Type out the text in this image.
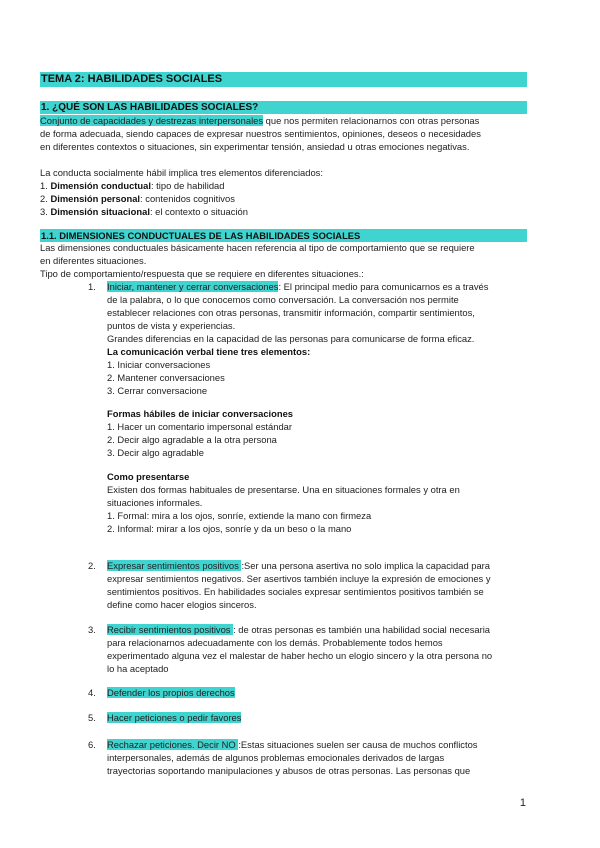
TEMA 2: HABILIDADES SOCIALES
1. ¿QUÉ SON LAS HABILIDADES SOCIALES?
Conjunto de capacidades y destrezas interpersonales que nos permiten relacionarnos con otras personas
de forma adecuada, siendo capaces de expresar nuestros sentimientos, opiniones, deseos o necesidades
en diferentes contextos o situaciones, sin experimentar tensión, ansiedad u otras emociones negativas.
La conducta socialmente hábil implica tres elementos diferenciados:
1. Dimensión conductual: tipo de habilidad
2. Dimensión personal: contenidos cognitivos
3. Dimensión situacional: el contexto o situación
1.1. DIMENSIONES CONDUCTUALES DE LAS HABILIDADES SOCIALES
Las dimensiones conductuales básicamente hacen referencia al tipo de comportamiento que se requiere
en diferentes situaciones.
Tipo de comportamiento/respuesta que se requiere en diferentes situaciones.:
1. Iniciar, mantener y cerrar conversaciones: El principal medio para comunicarnos es a través
de la palabra, o lo que conocemos como conversación. La conversación nos permite
establecer relaciones con otras personas, transmitir información, compartir sentimientos,
puntos de vista y experiencias.
Grandes diferencias en la capacidad de las personas para comunicarse de forma eficaz.
La comunicación verbal tiene tres elementos:
1. Iniciar conversaciones
2. Mantener conversaciones
3. Cerrar conversacione
Formas hábiles de iniciar conversaciones
1. Hacer un comentario impersonal estándar
2. Decir algo agradable a la otra persona
3. Decir algo agradable
Como presentarse
Existen dos formas habituales de presentarse. Una en situaciones formales y otra en
situaciones informales.
1. Formal: mira a los ojos, sonríe, extiende la mano con firmeza
2. Informal: mirar a los ojos, sonríe y da un beso o la mano
2. Expresar sentimientos positivos :Ser una persona asertiva no solo implica la capacidad para
expresar sentimientos negativos. Ser asertivos también incluye la expresión de emociones y
sentimientos positivos. En habilidades sociales expresar sentimientos positivos también se
define como hacer elogios sinceros.
3. Recibir sentimientos positivos : de otras personas es también una habilidad social necesaria
para relacionarnos adecuadamente con los demás. Probablemente todos hemos
experimentado alguna vez el malestar de haber hecho un elogio sincero y la otra persona no
lo ha aceptado
4. Defender los propios derechos
5. Hacer peticiones o pedir favores
6. Rechazar peticiones. Decir NO :Estas situaciones suelen ser causa de muchos conflictos
interpersonales, además de algunos problemas emocionales derivados de largas
trayectorias soportando manipulaciones y abusos de otras personas. Las personas que
1
